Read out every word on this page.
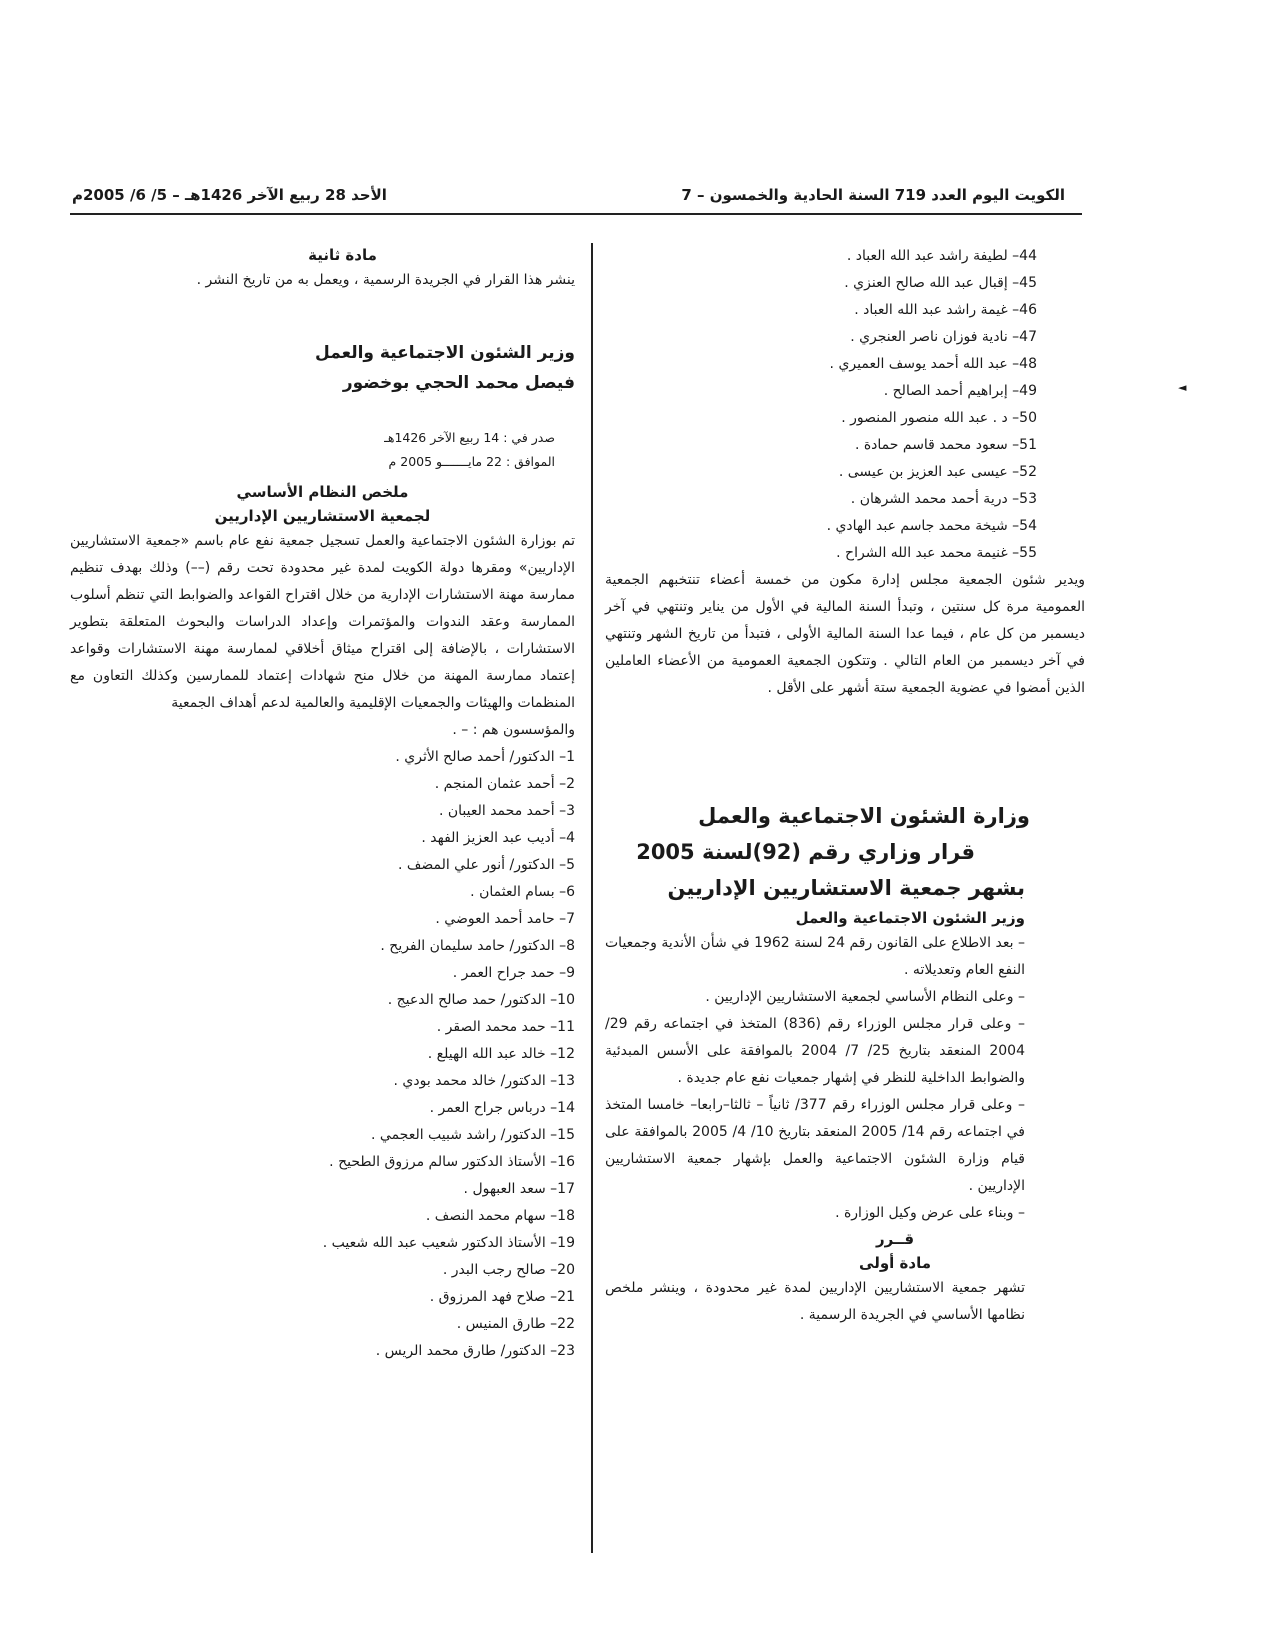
الكويت اليوم العدد 719 السنة الحادية والخمسون – 7
الأحد 28 ربيع الآخر 1426هـ – 5/ 6/ 2005م
◄
44– لطيفة راشد عبد الله العباد .
45– إقبال عبد الله صالح العنزي .
46– غيمة راشد عبد الله العباد .
47– نادية فوزان ناصر العنجري .
48– عبد الله أحمد يوسف العميري .
49– إبراهيم أحمد الصالح .
50– د . عبد الله منصور المنصور .
51– سعود محمد قاسم حمادة .
52– عيسى عبد العزيز بن عيسى .
53– درية أحمد محمد الشرهان .
54– شيخة محمد جاسم عبد الهادي .
55– غنيمة محمد عبد الله الشراح .
ويدير شئون الجمعية مجلس إدارة مكون من خمسة أعضاء تنتخبهم الجمعية العمومية مرة كل سنتين ، وتبدأ السنة المالية في الأول من يناير وتنتهي في آخر ديسمبر من كل عام ، فيما عدا السنة المالية الأولى ، فتبدأ من تاريخ الشهر وتنتهي في آخر ديسمبر من العام التالي . وتتكون الجمعية العمومية من الأعضاء العاملين الذين أمضوا في عضوية الجمعية ستة أشهر على الأقل .
وزارة الشئون الاجتماعية والعمل
قرار وزاري رقم (92)لسنة 2005
بشهر جمعية الاستشاريين الإداريين
وزير الشئون الاجتماعية والعمل
– بعد الاطلاع على القانون رقم 24 لسنة 1962 في شأن الأندية وجمعيات النفع العام وتعديلاته .
– وعلى النظام الأساسي لجمعية الاستشاريين الإداريين .
– وعلى قرار مجلس الوزراء رقم (836) المتخذ في اجتماعه رقم 29/ 2004 المنعقد بتاريخ 25/ 7/ 2004 بالموافقة على الأسس المبدئية والضوابط الداخلية للنظر في إشهار جمعيات نفع عام جديدة .
– وعلى قرار مجلس الوزراء رقم 377/ ثانياً – ثالثا–رابعا– خامسا المتخذ في اجتماعه رقم 14/ 2005 المنعقد بتاريخ 10/ 4/ 2005 بالموافقة على قيام وزارة الشئون الاجتماعية والعمل بإشهار جمعية الاستشاريين الإداريين .
– وبناء على عرض وكيل الوزارة .
قــرر
مادة أولى
تشهر جمعية الاستشاريين الإداريين لمدة غير محدودة ، وينشر ملخص نظامها الأساسي في الجريدة الرسمية .
مادة ثانية
ينشر هذا القرار في الجريدة الرسمية ، ويعمل به من تاريخ النشر .
وزير الشئون الاجتماعية والعمل
فيصل محمد الحجي بوخضور
صدر في : 14 ربيع الآخر 1426هـ
الموافق : 22 مايـــــــو 2005 م
ملخص النظام الأساسي
لجمعية الاستشاريين الإداريين
تم بوزارة الشئون الاجتماعية والعمل تسجيل جمعية نفع عام باسم «جمعية الاستشاريين الإداريين» ومقرها دولة الكويت لمدة غير محدودة تحت رقم (––) وذلك بهدف تنظيم ممارسة مهنة الاستشارات الإدارية من خلال اقتراح القواعد والضوابط التي تنظم أسلوب الممارسة وعقد الندوات والمؤتمرات وإعداد الدراسات والبحوث المتعلقة بتطوير الاستشارات ، بالإضافة إلى اقتراح ميثاق أخلاقي لممارسة مهنة الاستشارات وقواعد إعتماد ممارسة المهنة من خلال منح شهادات إعتماد للممارسين وكذلك التعاون مع المنظمات والهيئات والجمعيات الإقليمية والعالمية لدعم أهداف الجمعية
والمؤسسون هم : – .
1– الدكتور/ أحمد صالح الأثري .
2– أحمد عثمان المنجم .
3– أحمد محمد العيبان .
4– أديب عبد العزيز الفهد .
5– الدكتور/ أنور علي المضف .
6– بسام العثمان .
7– حامد أحمد العوضي .
8– الدكتور/ حامد سليمان الفريح .
9– حمد جراح العمر .
10– الدكتور/ حمد صالح الدعيج .
11– حمد محمد الصقر .
12– خالد عبد الله الهيلع .
13– الدكتور/ خالد محمد بودي .
14– درباس جراح العمر .
15– الدكتور/ راشد شبيب العجمي .
16– الأستاذ الدكتور سالم مرزوق الطحيح .
17– سعد العبهول .
18– سهام محمد النصف .
19– الأستاذ الدكتور شعيب عبد الله شعيب .
20– صالح رجب البدر .
21– صلاح فهد المرزوق .
22– طارق المنيس .
23– الدكتور/ طارق محمد الريس .
